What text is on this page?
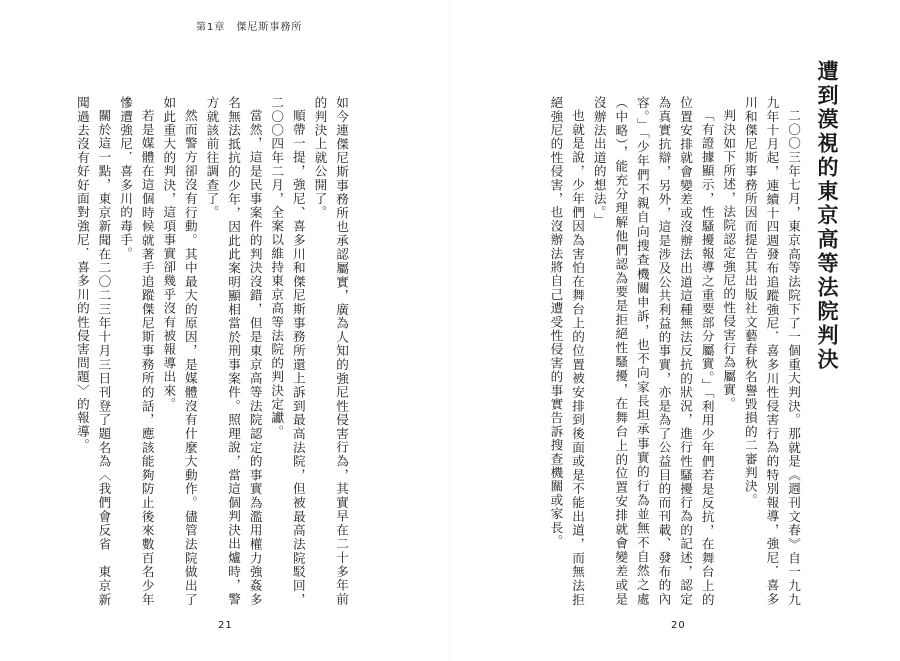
第1章　傑尼斯事務所

如今連傑尼斯事務所也承認屬實，廣為人知的強尼性侵害行為，其實早在二十多年前的判決上就公開了。

順帶一提，強尼、喜多川和傑尼斯事務所還上訴到最高法院，但被最高法院駁回，二〇〇四年二月，全案以維持東京高等法院的判決定讞。

當然，這是民事案件的判決沒錯，但是東京高等法院認定的事實為濫用權力強姦多名無法抵抗的少年，因此此案明顯相當於刑事案件。照理說，當這個判決出爐時，警方就該前往調查了。

然而警方卻沒有行動。其中最大的原因，是媒體沒有什麼大動作。儘管法院做出了如此重大的判決，這項事實卻幾乎沒有被報導出來。

若是媒體在這個時候就著手追蹤傑尼斯事務所的話，應該能夠防止後來數百名少年慘遭強尼．喜多川的毒手。

關於這一點，東京新聞在二〇二三年十月三日刊登了題名為〈我們會反省　東京新聞過去沒有好好面對強尼．喜多川的性侵害問題〉的報導。

21
遭到漠視的東京高等法院判決

二〇〇三年七月，東京高等法院下了一個重大判決。那就是《週刊文春》自一九九九年十月起，連續十四週發布追蹤強尼．喜多川性侵害行為的特別報導，強尼．喜多川和傑尼斯事務所因而提告其出版社文藝春秋名譽毀損的二審判決。

判決如下所述，法院認定強尼的性侵害行為屬實。

「有證據顯示，性騷擾報導之重要部分屬實。」「利用少年們若是反抗，在舞台上的位置安排就會變差或沒辦法出道這種無法反抗的狀況，進行性騷擾行為的記述，認定為真實抗辯，另外，這是涉及公共利益的事實，亦是為了公益目的而刊載、發布的內容。」「少年們不親自向搜查機關申訴，也不向家長坦承事實的行為並無不自然之處（中略），能充分理解他們認為要是拒絕性騷擾，在舞台上的位置安排就會變差或是沒辦法出道的想法。」

也就是說，少年們因為害怕在舞台上的位置被安排到後面或是不能出道，而無法拒絕強尼的性侵害，也沒辦法將自己遭受性侵害的事實告訴搜查機關或家長。

20
